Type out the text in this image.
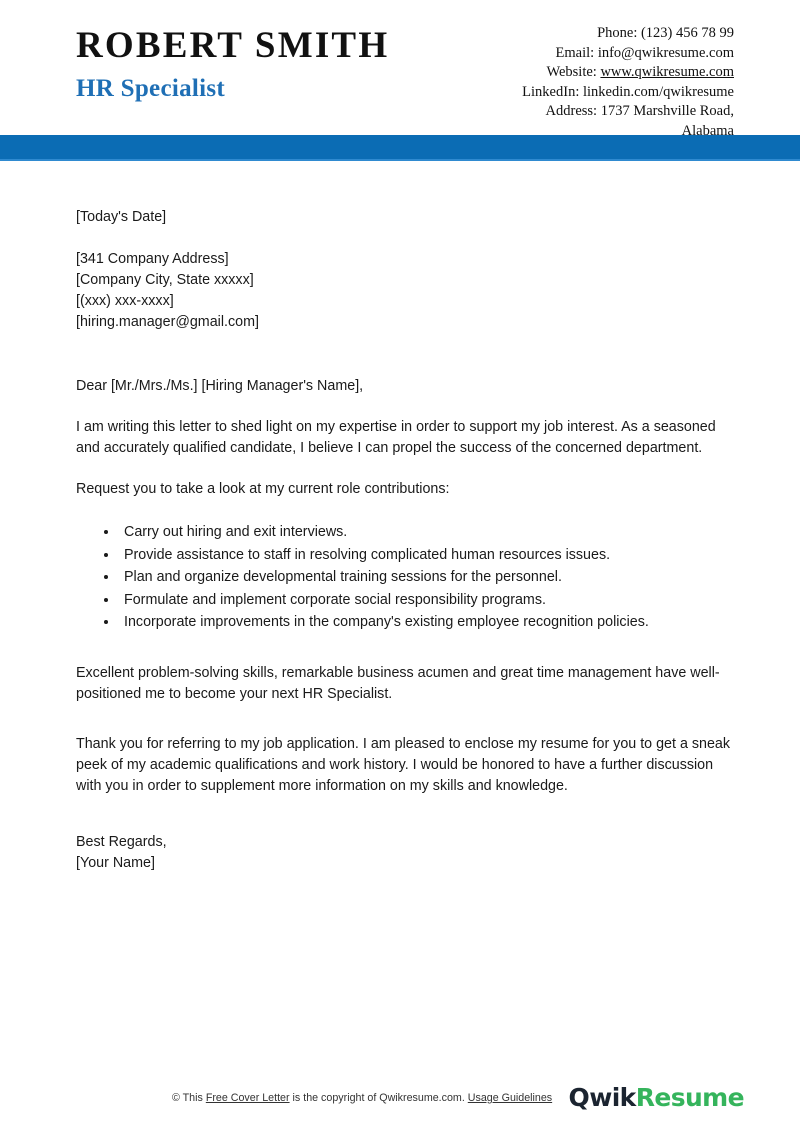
ROBERT SMITH
HR Specialist
Phone: (123) 456 78 99
Email: info@qwikresume.com
Website: www.qwikresume.com
LinkedIn: linkedin.com/qwikresume
Address: 1737 Marshville Road,
Alabama
[Today's Date]
[341 Company Address]
[Company City, State xxxxx]
[(xxx) xxx-xxxx]
[hiring.manager@gmail.com]
Dear [Mr./Mrs./Ms.] [Hiring Manager's Name],

I am writing this letter to shed light on my expertise in order to support my job interest. As a seasoned and accurately qualified candidate, I believe I can propel the success of the concerned department.

Request you to take a look at my current role contributions:

Carry out hiring and exit interviews.
Provide assistance to staff in resolving complicated human resources issues.
Plan and organize developmental training sessions for the personnel.
Formulate and implement corporate social responsibility programs.
Incorporate improvements in the company's existing employee recognition policies.

Excellent problem-solving skills, remarkable business acumen and great time management have well-positioned me to become your next HR Specialist.

Thank you for referring to my job application. I am pleased to enclose my resume for you to get a sneak peek of my academic qualifications and work history. I would be honored to have a further discussion with you in order to supplement more information on my skills and knowledge.

Best Regards,
[Your Name]
© This Free Cover Letter is the copyright of Qwikresume.com. Usage Guidelines QwikResume
